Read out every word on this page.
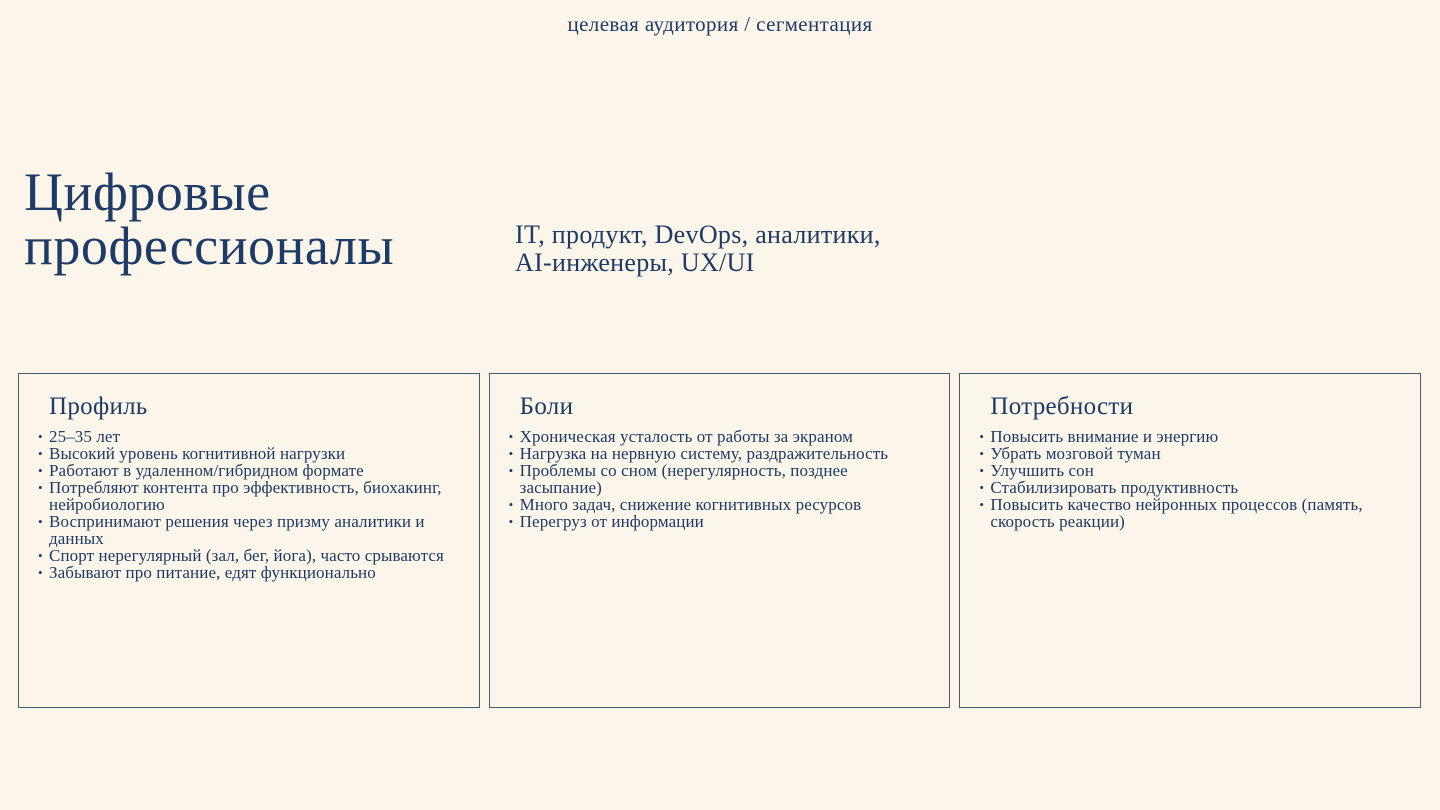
целевая аудитория / сегментация
Цифровые
профессионалы	IT, продукт, DevOps, аналитики,
AI-инженеры, UX/UI
Профиль
• 25–35 лет
• Высокий уровень когнитивной нагрузки
• Работают в удаленном/гибридном формате
• Потребляют контента про эффективность, биохакинг, нейробиологию
• Воспринимают решения через призму аналитики и данных
• Спорт нерегулярный (зал, бег, йога), часто срываются
• Забывают про питание, едят функционально
Боли
• Хроническая усталость от работы за экраном
• Нагрузка на нервную систему, раздражительность
• Проблемы со сном (нерегулярность, позднее засыпание)
• Много задач, снижение когнитивных ресурсов
• Перегруз от информации
Потребности
• Повысить внимание и энергию
• Убрать мозговой туман
• Улучшить сон
• Стабилизировать продуктивность
• Повысить качество нейронных процессов (память, скорость реакции)
